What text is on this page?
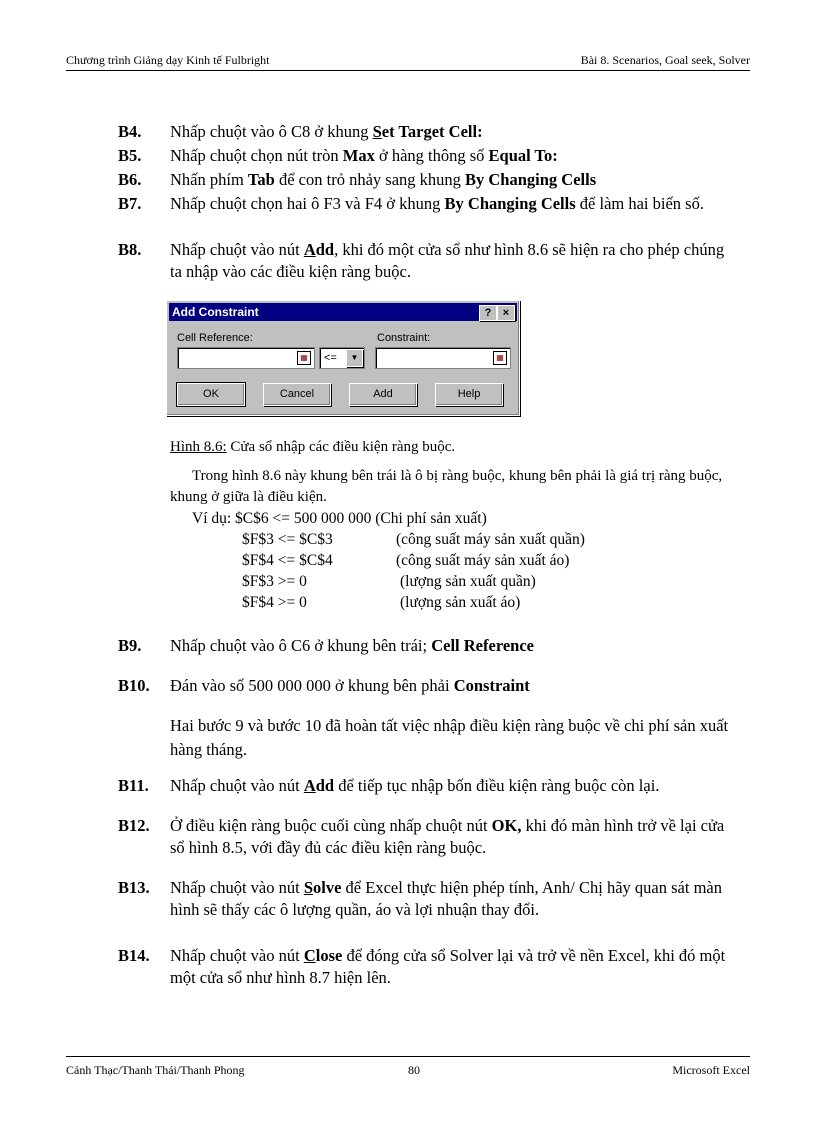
Chương trình Giảng dạy Kinh tế Fulbright	Bài 8. Scenarios, Goal seek, Solver
B4. Nhấp chuột vào ô C8 ở khung Set Target Cell:
B5. Nhấp chuột chọn nút tròn Max ở hàng thông số Equal To:
B6. Nhấn phím Tab để con trỏ nhảy sang khung By Changing Cells
B7. Nhấp chuột chọn hai ô F3 và F4 ở khung By Changing Cells để làm hai biến số.
B8. Nhấp chuột vào nút Add, khi đó một cửa sổ như hình 8.6 sẽ hiện ra cho phép chúng ta nhập vào các điều kiện ràng buộc.
Add Constraint	?	×
Cell Reference:	Constraint:
▦	<=	▼	▦
OK	Cancel	Add	Help
Hình 8.6: Cửa sổ nhập các điều kiện ràng buộc.
Trong hình 8.6 này khung bên trái là ô bị ràng buộc, khung bên phải là giá trị ràng buộc, khung ở giữa là điều kiện.
Ví dụ: $C$6 <= 500 000 000 (Chi phí sản xuất)
$F$3 <= $C$3	(công suất máy sản xuất quần)
$F$4 <= $C$4	(công suất máy sản xuất áo)
$F$3 >= 0	(lượng sản xuất quần)
$F$4 >= 0	(lượng sản xuất áo)
B9. Nhấp chuột vào ô C6 ở khung bên trái; Cell Reference
B10. Đán vào số 500 000 000 ở khung bên phải Constraint
Hai bước 9 và bước 10 đã hoàn tất việc nhập điều kiện ràng buộc về chi phí sản xuất hàng tháng.
B11. Nhấp chuột vào nút Add để tiếp tục nhập bốn điều kiện ràng buộc còn lại.
B12. Ở điều kiện ràng buộc cuối cùng nhấp chuột nút OK, khi đó màn hình trở về lại cửa sổ hình 8.5, với đầy đủ các điều kiện ràng buộc.
B13. Nhấp chuột vào nút Solve để Excel thực hiện phép tính, Anh/ Chị hãy quan sát màn hình sẽ thấy các ô lượng quần, áo và lợi nhuận thay đổi.
B14. Nhấp chuột vào nút Close để đóng cửa sổ Solver lại và trở về nền Excel, khi đó một một cửa sổ như hình 8.7 hiện lên.
Cảnh Thạc/Thanh Thái/Thanh Phong	80	Microsoft Excel
